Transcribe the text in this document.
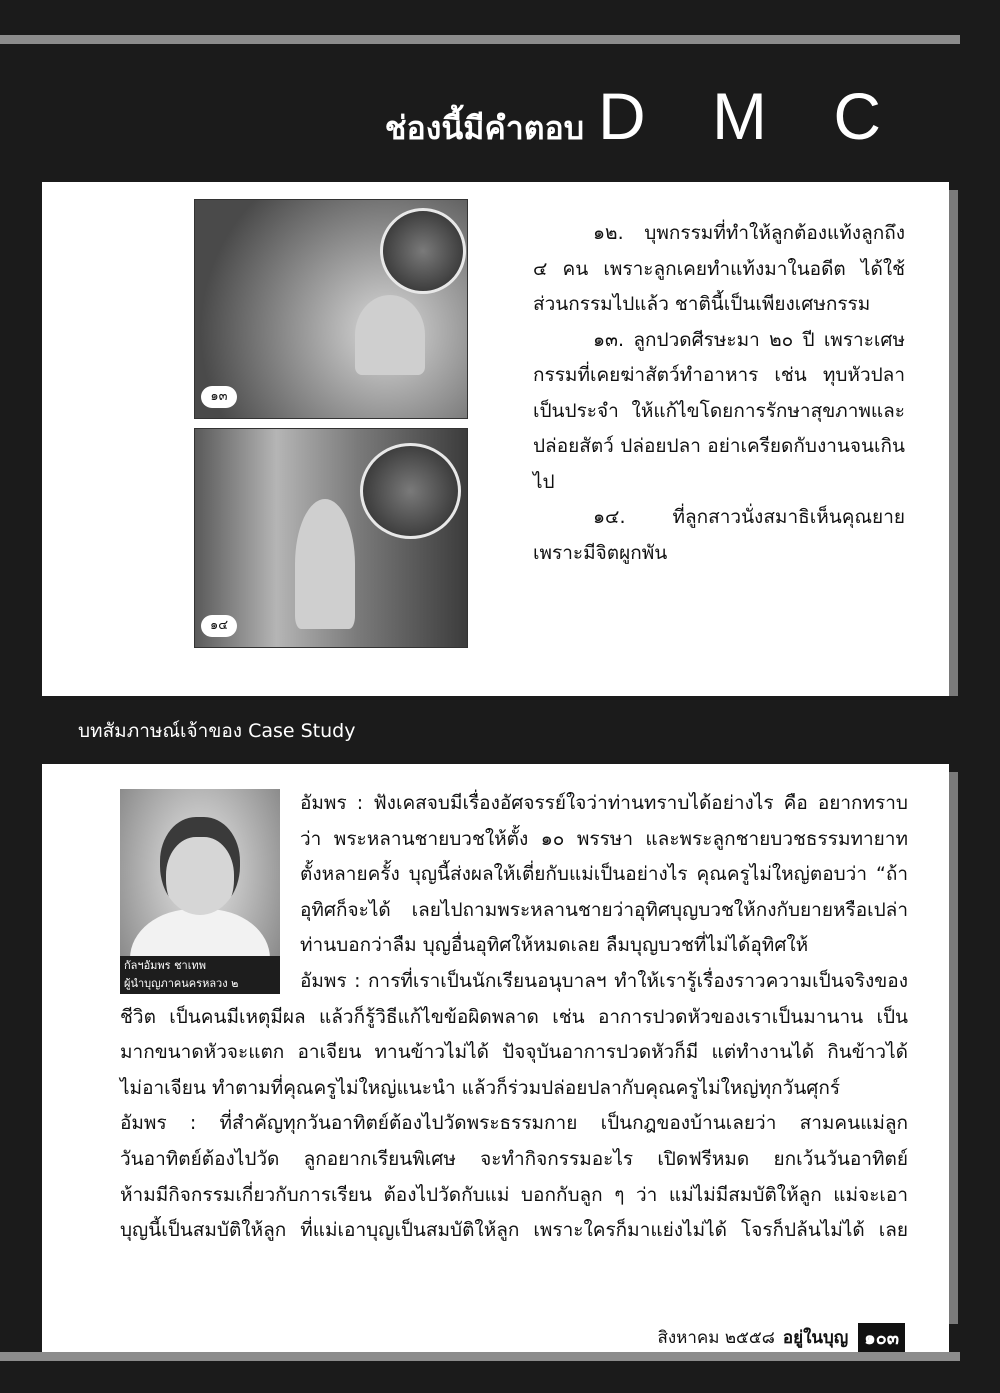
ช่องนี้มีคำตอบ D M C
๑๓
๑๔

๑๒. บุพกรรมที่ทำให้ลูกต้องแท้งลูกถึง ๔ คน เพราะลูกเคยทำแท้งมาในอดีต ได้ใช้ส่วนกรรมไปแล้ว ชาตินี้เป็นเพียงเศษกรรม

๑๓. ลูกปวดศีรษะมา ๒๐ ปี เพราะเศษกรรมที่เคยฆ่าสัตว์ทำอาหาร เช่น ทุบหัวปลาเป็นประจำ ให้แก้ไขโดยการรักษาสุขภาพและปล่อยสัตว์ ปล่อยปลา อย่าเครียดกับงานจนเกินไป

๑๔. ที่ลูกสาวนั่งสมาธิเห็นคุณยายเพราะมีจิตผูกพัน

บทสัมภาษณ์เจ้าของ Case Study
กัลฯอัมพร ชาเทพ
ผู้นำบุญภาคนครหลวง ๒
อัมพร : ฟังเคสจบมีเรื่องอัศจรรย์ใจว่าท่านทราบได้อย่างไร คือ อยากทราบ
ว่า พระหลานชายบวชให้ตั้ง ๑๐ พรรษา และพระลูกชายบวชธรรมทายาท
ตั้งหลายครั้ง บุญนี้ส่งผลให้เตี่ยกับแม่เป็นอย่างไร คุณครูไม่ใหญ่ตอบว่า “ถ้า
อุทิศก็จะได้ เลยไปถามพระหลานชายว่าอุทิศบุญบวชให้กงกับยายหรือเปล่า
ท่านบอกว่าลืม บุญอื่นอุทิศให้หมดเลย ลืมบุญบวชที่ไม่ได้อุทิศให้
อัมพร : การที่เราเป็นนักเรียนอนุบาลฯ ทำให้เรารู้เรื่องราวความเป็นจริงของ
ชีวิต เป็นคนมีเหตุมีผล แล้วก็รู้วิธีแก้ไขข้อผิดพลาด เช่น อาการปวดหัวของเราเป็นมานาน เป็น
มากขนาดหัวจะแตก อาเจียน ทานข้าวไม่ได้ ปัจจุบันอาการปวดหัวก็มี แต่ทำงานได้ กินข้าวได้
ไม่อาเจียน ทำตามที่คุณครูไม่ใหญ่แนะนำ แล้วก็ร่วมปล่อยปลากับคุณครูไม่ใหญ่ทุกวันศุกร์
อัมพร : ที่สำคัญทุกวันอาทิตย์ต้องไปวัดพระธรรมกาย เป็นกฎของบ้านเลยว่า สามคนแม่ลูก
วันอาทิตย์ต้องไปวัด ลูกอยากเรียนพิเศษ จะทำกิจกรรมอะไร เปิดฟรีหมด ยกเว้นวันอาทิตย์
ห้ามมีกิจกรรมเกี่ยวกับการเรียน ต้องไปวัดกับแม่ บอกกับลูก ๆ ว่า แม่ไม่มีสมบัติให้ลูก แม่จะเอา
บุญนี้เป็นสมบัติให้ลูก ที่แม่เอาบุญเป็นสมบัติให้ลูก เพราะใครก็มาแย่งไม่ได้ โจรก็ปล้นไม่ได้ เลย
สิงหาคม ๒๕๕๘ อยู่ในบุญ ๑๐๓
